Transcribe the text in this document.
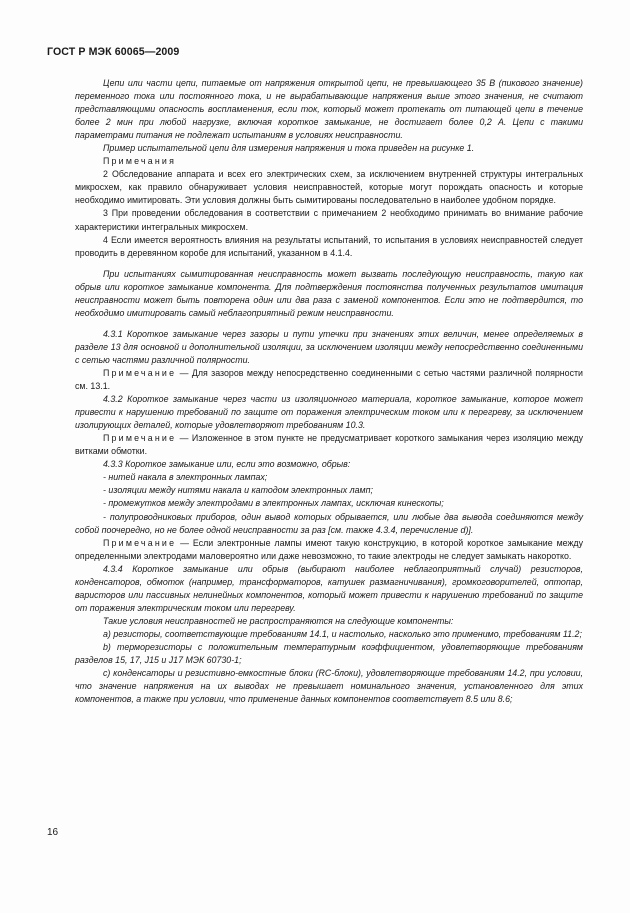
ГОСТ Р МЭК 60065—2009

Цепи или части цепи, питаемые от напряжения открытой цепи, не превышающего 35 В (пикового значение) переменного тока или постоянного тока, и не вырабатывающие напряжения выше этого значения, не считают представляющими опасность воспламенения, если ток, который может протекать от питающей цепи в течение более 2 мин при любой нагрузке, включая короткое замыкание, не достигает более 0,2 А. Цепи с такими параметрами питания не подлежат испытаниям в условиях неисправности.

Пример испытательной цепи для измерения напряжения и тока приведен на рисунке 1.

Примечания

2 Обследование аппарата и всех его электрических схем, за исключением внутренней структуры интегральных микросхем, как правило обнаруживает условия неисправностей, которые могут порождать опасность и которые необходимо имитировать. Эти условия должны быть сымитированы последовательно в наиболее удобном порядке.

3 При проведении обследования в соответствии с примечанием 2 необходимо принимать во внимание рабочие характеристики интегральных микросхем.

4 Если имеется вероятность влияния на результаты испытаний, то испытания в условиях неисправностей следует проводить в деревянном коробе для испытаний, указанном в 4.1.4.

При испытаниях сымитированная неисправность может вызвать последующую неисправность, такую как обрыв или короткое замыкание компонента. Для подтверждения постоянства полученных результатов имитация неисправности может быть повторена один или два раза с заменой компонентов. Если это не подтвердится, то необходимо имитировать самый неблагоприятный режим неисправности.

4.3.1 Короткое замыкание через зазоры и пути утечки при значениях этих величин, менее определяемых в разделе 13 для основной и дополнительной изоляции, за исключением изоляции между непосредственно соединенными с сетью частями различной полярности.

Примечание — Для зазоров между непосредственно соединенными с сетью частями различной полярности см. 13.1.

4.3.2 Короткое замыкание через части из изоляционного материала, короткое замыкание, которое может привести к нарушению требований по защите от поражения электрическим током или к перегреву, за исключением изолирующих деталей, которые удовлетворяют требованиям 10.3.

Примечание — Изложенное в этом пункте не предусматривает короткого замыкания через изоляцию между витками обмотки.

4.3.3 Короткое замыкание или, если это возможно, обрыв:

- нитей накала в электронных лампах;

- изоляции между нитями накала и катодом электронных ламп;

- промежутков между электродами в электронных лампах, исключая кинескопы;

- полупроводниковых приборов, один вывод которых обрывается, или любые два вывода соединяются между собой поочередно, но не более одной неисправности за раз [см. также 4.3.4, перечисление d)].

Примечание — Если электронные лампы имеют такую конструкцию, в которой короткое замыкание между определенными электродами маловероятно или даже невозможно, то такие электроды не следует замыкать накоротко.

4.3.4 Короткое замыкание или обрыв (выбирают наиболее неблагоприятный случай) резисторов, конденсаторов, обмоток (например, трансформаторов, катушек размагничивания), громкоговорителей, оптопар, варисторов или пассивных нелинейных компонентов, который может привести к нарушению требований по защите от поражения электрическим током или перегреву.

Такие условия неисправностей не распространяются на следующие компоненты:

a) резисторы, соответствующие требованиям 14.1, и настолько, насколько это применимо, требованиям 11.2;

b) терморезисторы с положительным температурным коэффициентом, удовлетворяющие требованиям разделов 15, 17, J15 и J17 МЭК 60730-1;

c) конденсаторы и резистивно-емкостные блоки (RC-блоки), удовлетворяющие требованиям 14.2, при условии, что значение напряжения на их выводах не превышает номинального значения, установленного для этих компонентов, а также при условии, что применение данных компонентов соответствует 8.5 или 8.6;

16
